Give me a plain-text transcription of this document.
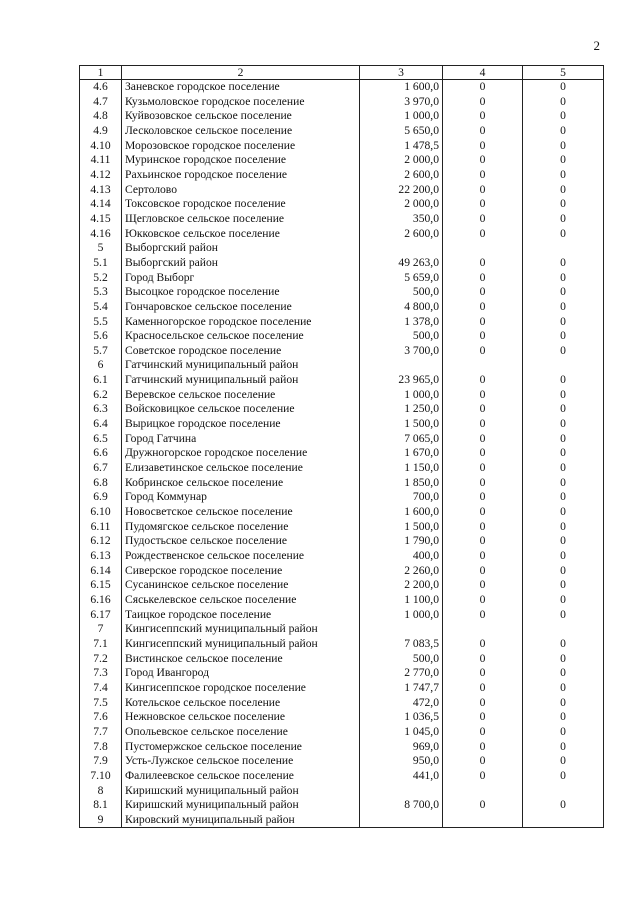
2
1	2	3	4	5
4.6	Заневское городское поселение	1 600,0	0	0
4.7	Кузьмоловское городское поселение	3 970,0	0	0
4.8	Куйвозовское сельское поселение	1 000,0	0	0
4.9	Лесколовское сельское поселение	5 650,0	0	0
4.10	Морозовское городское поселение	1 478,5	0	0
4.11	Муринское городское поселение	2 000,0	0	0
4.12	Рахьинское городское поселение	2 600,0	0	0
4.13	Сертолово	22 200,0	0	0
4.14	Токсовское городское поселение	2 000,0	0	0
4.15	Щегловское сельское поселение	350,0	0	0
4.16	Юкковское сельское поселение	2 600,0	0	0
5	Выборгский район			
5.1	Выборгский район	49 263,0	0	0
5.2	Город Выборг	5 659,0	0	0
5.3	Высоцкое городское поселение	500,0	0	0
5.4	Гончаровское сельское поселение	4 800,0	0	0
5.5	Каменногорское городское поселение	1 378,0	0	0
5.6	Красносельское сельское поселение	500,0	0	0
5.7	Советское городское поселение	3 700,0	0	0
6	Гатчинский муниципальный район			
6.1	Гатчинский муниципальный район	23 965,0	0	0
6.2	Веревское сельское поселение	1 000,0	0	0
6.3	Войсковицкое сельское поселение	1 250,0	0	0
6.4	Вырицкое городское поселение	1 500,0	0	0
6.5	Город Гатчина	7 065,0	0	0
6.6	Дружногорское городское поселение	1 670,0	0	0
6.7	Елизаветинское сельское поселение	1 150,0	0	0
6.8	Кобринское сельское поселение	1 850,0	0	0
6.9	Город Коммунар	700,0	0	0
6.10	Новосветское сельское поселение	1 600,0	0	0
6.11	Пудомягское сельское поселение	1 500,0	0	0
6.12	Пудостьское сельское поселение	1 790,0	0	0
6.13	Рождественское сельское поселение	400,0	0	0
6.14	Сиверское городское поселение	2 260,0	0	0
6.15	Сусанинское сельское поселение	2 200,0	0	0
6.16	Сяськелевское сельское поселение	1 100,0	0	0
6.17	Таицкое городское поселение	1 000,0	0	0
7	Кингисеппский муниципальный район			
7.1	Кингисеппский муниципальный район	7 083,5	0	0
7.2	Вистинское сельское поселение	500,0	0	0
7.3	Город Ивангород	2 770,0	0	0
7.4	Кингисеппское городское поселение	1 747,7	0	0
7.5	Котельское сельское поселение	472,0	0	0
7.6	Нежновское сельское поселение	1 036,5	0	0
7.7	Опольевское сельское поселение	1 045,0	0	0
7.8	Пустомержское сельское поселение	969,0	0	0
7.9	Усть-Лужское сельское поселение	950,0	0	0
7.10	Фалилеевское сельское поселение	441,0	0	0
8	Киришский муниципальный район			
8.1	Киришский муниципальный район	8 700,0	0	0
9	Кировский муниципальный район			
